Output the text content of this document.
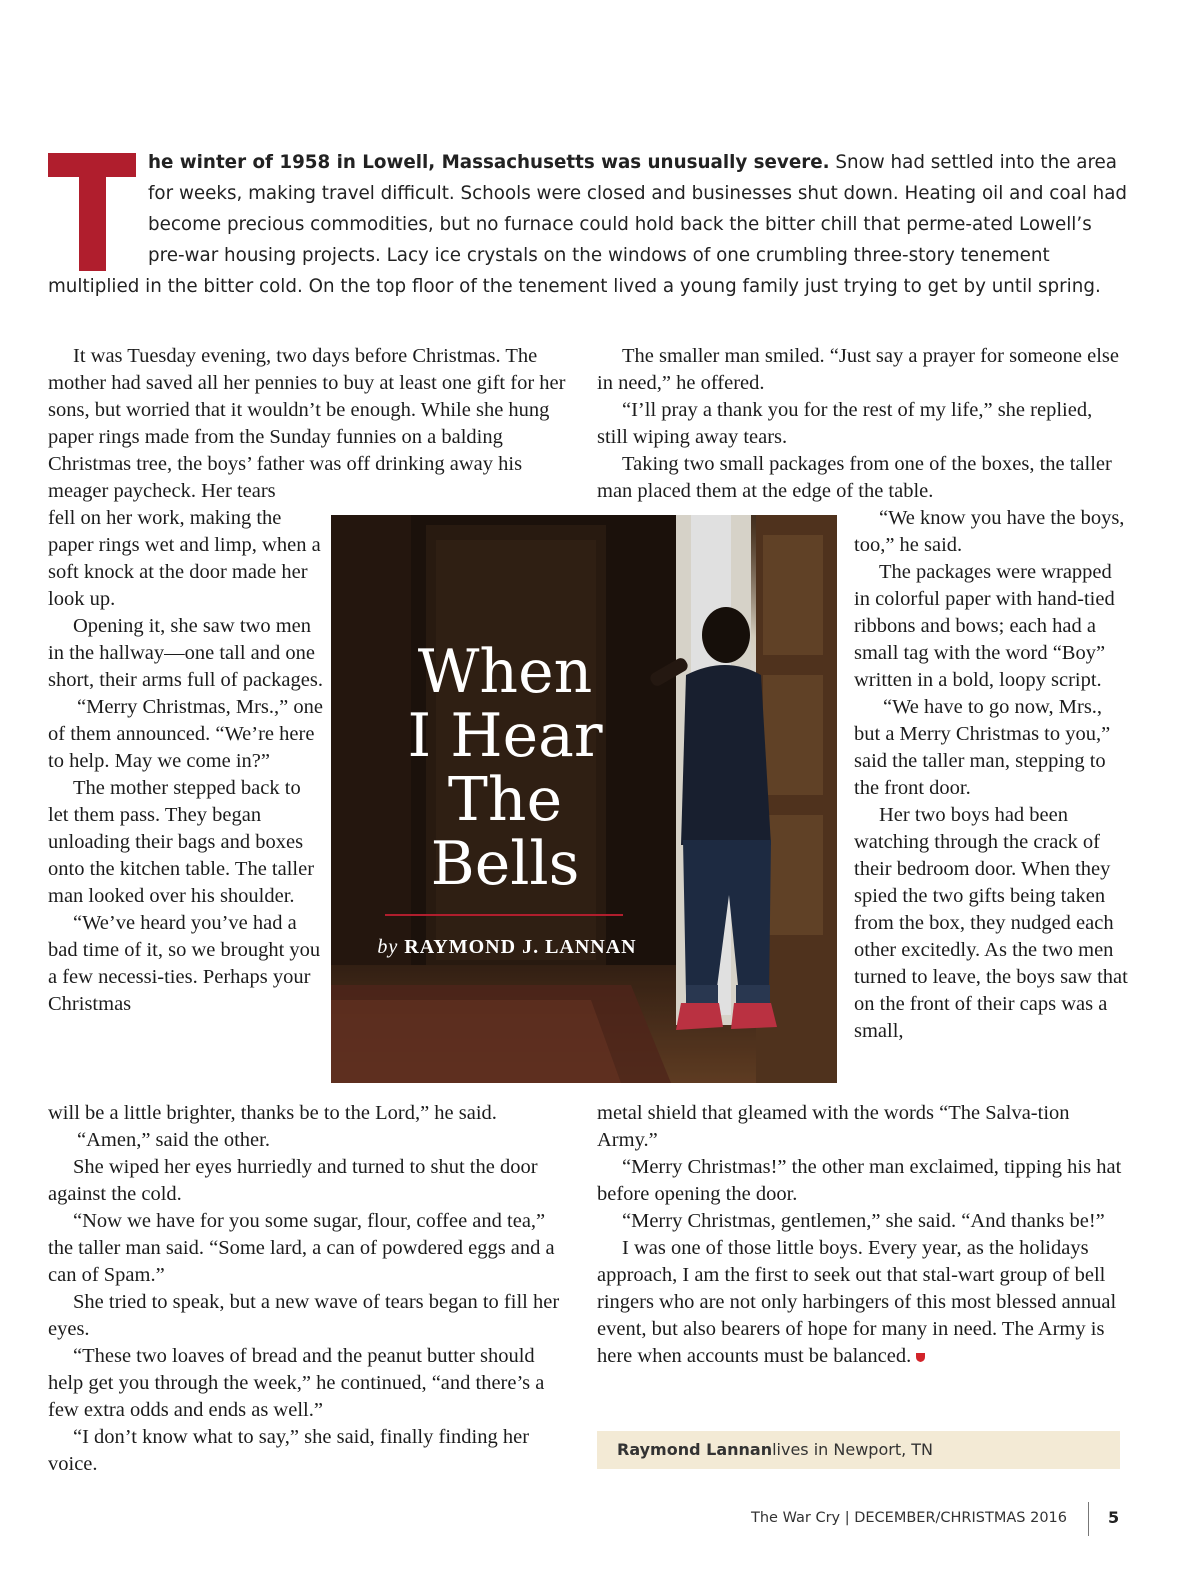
he winter of 1958 in Lowell, Massachusetts was unusually severe. Snow had settled into the area for weeks, making travel difficult. Schools were closed and businesses shut down. Heating oil and coal had become precious commodities, but no furnace could hold back the bitter chill that perme-ated Lowell’s pre-war housing projects. Lacy ice crystals on the windows of one crumbling three-story tenement multiplied in the bitter cold. On the top floor of the tenement lived a young family just trying to get by until spring.

It was Tuesday evening, two days before Christmas. The mother had saved all her pennies to buy at least one gift for her sons, but worried that it wouldn’t be enough. While she hung paper rings made from the Sunday funnies on a balding Christmas tree, the boys’ father was off drinking away his meager paycheck. Her tears

fell on her work, making the paper rings wet and limp, when a soft knock at the door made her look up.

Opening it, she saw two men in the hallway—one tall and one short, their arms full of packages.

“Merry Christmas, Mrs.,” one of them announced. “We’re here to help. May we come in?”

The mother stepped back to let them pass. They began unloading their bags and boxes onto the kitchen table. The taller man looked over his shoulder.

“We’ve heard you’ve had a bad time of it, so we brought you a few necessi-ties. Perhaps your Christmas

will be a little brighter, thanks be to the Lord,” he said.

“Amen,” said the other.

She wiped her eyes hurriedly and turned to shut the door against the cold.

“Now we have for you some sugar, flour, coffee and tea,” the taller man said. “Some lard, a can of powdered eggs and a can of Spam.”

She tried to speak, but a new wave of tears began to fill her eyes.

“These two loaves of bread and the peanut butter should help get you through the week,” he continued, “and there’s a few extra odds and ends as well.”

“I don’t know what to say,” she said, finally finding her voice.

The smaller man smiled. “Just say a prayer for someone else in need,” he offered.

“I’ll pray a thank you for the rest of my life,” she replied, still wiping away tears.

Taking two small packages from one of the boxes, the taller man placed them at the edge of the table.

“We know you have the boys, too,” he said.

The packages were wrapped in colorful paper with hand-tied ribbons and bows; each had a small tag with the word “Boy” written in a bold, loopy script.

“We have to go now, Mrs., but a Merry Christmas to you,” said the taller man, stepping to the front door.

Her two boys had been watching through the crack of their bedroom door. When they spied the two gifts being taken from the box, they nudged each other excitedly. As the two men turned to leave, the boys saw that on the front of their caps was a small,

metal shield that gleamed with the words “The Salva-tion Army.”

“Merry Christmas!” the other man exclaimed, tipping his hat before opening the door.

“Merry Christmas, gentlemen,” she said. “And thanks be!”

I was one of those little boys. Every year, as the holidays approach, I am the first to seek out that stal-wart group of bell ringers who are not only harbingers of this most blessed annual event, but also bearers of hope for many in need. The Army is here when accounts must be balanced.

When
I Hear
The
Bells
by RAYMOND J. LANNAN
Raymond Lannanlives in Newport, TN
The War Cry | DECEMBER/CHRISTMAS 2016	5
